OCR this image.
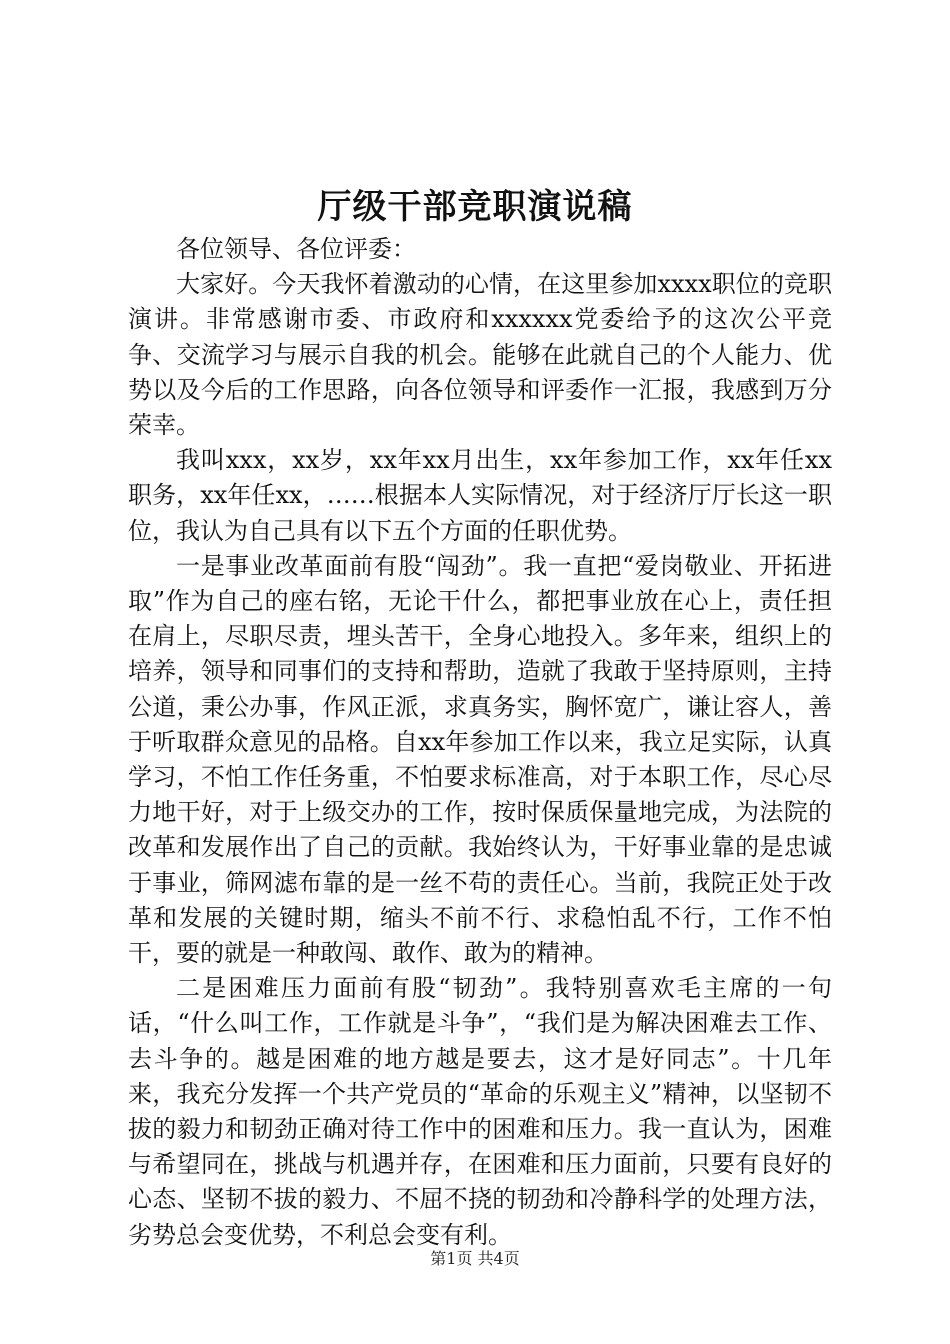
厅级干部竞职演说稿

各位领导、各位评委：

大家好。今天我怀着激动的心情，在这里参加xxxx职位的竞职演讲。非常感谢市委、市政府和xxxxxx党委给予的这次公平竞争、交流学习与展示自我的机会。能够在此就自己的个人能力、优势以及今后的工作思路，向各位领导和评委作一汇报，我感到万分荣幸。

我叫xxx，xx岁，xx年xx月出生，xx年参加工作，xx年任xx职务，xx年任xx，……根据本人实际情况，对于经济厅厅长这一职位，我认为自己具有以下五个方面的任职优势。

一是事业改革面前有股“闯劲”。我一直把“爱岗敬业、开拓进取”作为自己的座右铭，无论干什么，都把事业放在心上，责任担在肩上，尽职尽责，埋头苦干，全身心地投入。多年来，组织上的培养，领导和同事们的支持和帮助，造就了我敢于坚持原则，主持公道，秉公办事，作风正派，求真务实，胸怀宽广，谦让容人，善于听取群众意见的品格。自xx年参加工作以来，我立足实际，认真学习，不怕工作任务重，不怕要求标准高，对于本职工作，尽心尽力地干好，对于上级交办的工作，按时保质保量地完成，为法院的改革和发展作出了自己的贡献。我始终认为，干好事业靠的是忠诚于事业，筛网滤布靠的是一丝不苟的责任心。当前，我院正处于改革和发展的关键时期，缩头不前不行、求稳怕乱不行，工作不怕干，要的就是一种敢闯、敢作、敢为的精神。

二是困难压力面前有股“韧劲”。我特别喜欢毛主席的一句话，“什么叫工作，工作就是斗争”，“我们是为解决困难去工作、去斗争的。越是困难的地方越是要去，这才是好同志”。十几年来，我充分发挥一个共产党员的“革命的乐观主义”精神，以坚韧不拔的毅力和韧劲正确对待工作中的困难和压力。我一直认为，困难与希望同在，挑战与机遇并存，在困难和压力面前，只要有良好的心态、坚韧不拔的毅力、不屈不挠的韧劲和冷静科学的处理方法，劣势总会变优势，不利总会变有利。

第1页 共4页
